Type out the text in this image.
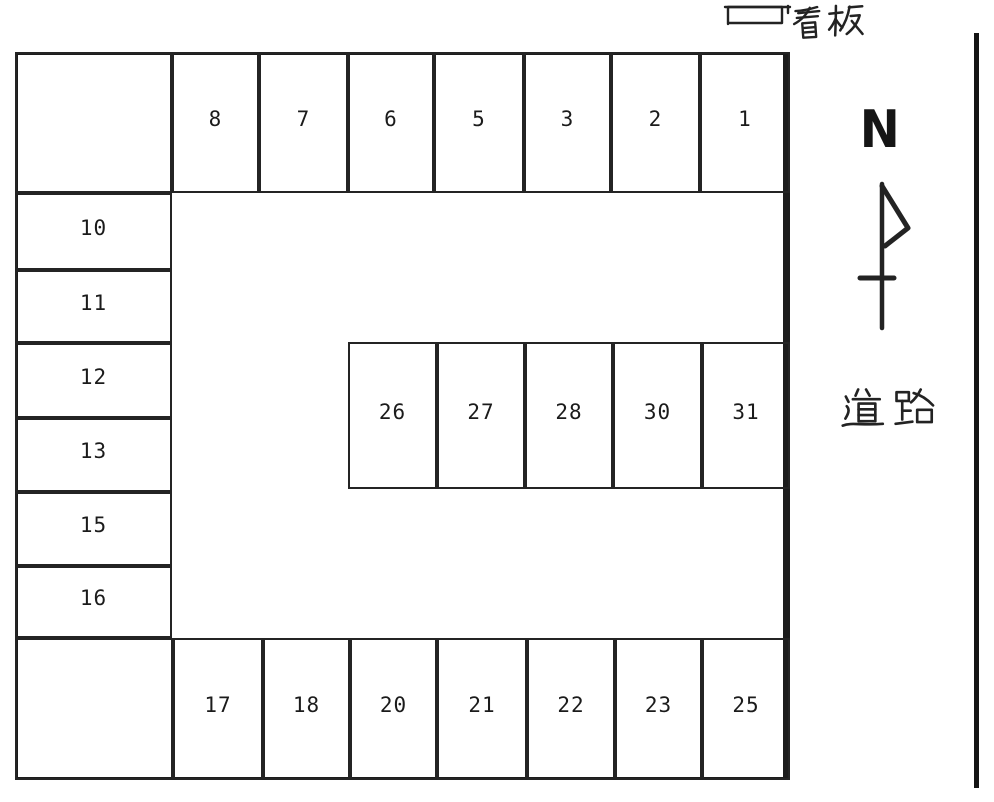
8	7	6	5	3	2	1
10
11
12
13
15
16
26	27	28	30	31
17	18	20	21	22	23	25
N
